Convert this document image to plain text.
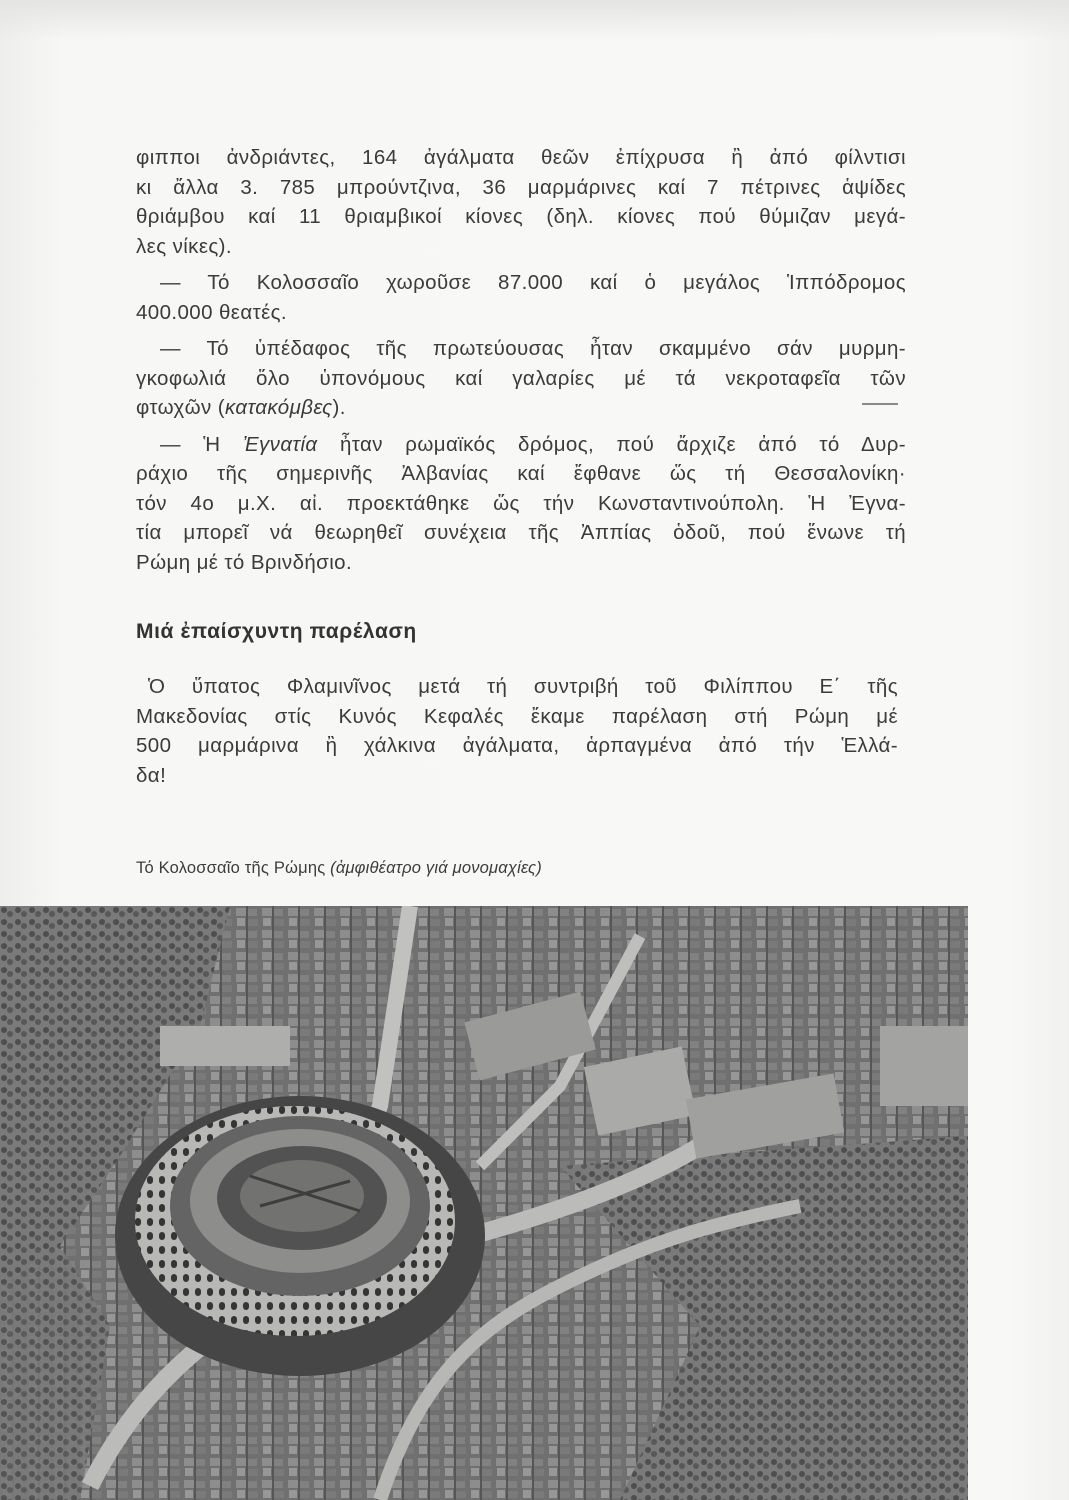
φιπποι ἀνδριάντες, 164 ἀγάλματα θεῶν ἐπίχρυσα ἢ ἀπό φίλντισι
κι ἄλλα 3. 785 μπρούντζινα, 36 μαρμάρινες καί 7 πέτρινες ἁψίδες
θριάμβου καί 11 θριαμβικοί κίονες (δηλ. κίονες πού θύμιζαν μεγά-
λες νίκες).
— Τό Κολοσσαῖο χωροῦσε 87.000 καί ὁ μεγάλος Ἱππόδρομος
400.000 θεατές.
— Τό ὑπέδαφος τῆς πρωτεύουσας ἦταν σκαμμένο σάν μυρμη-
γκοφωλιά ὅλο ὑπονόμους καί γαλαρίες μέ τά νεκροταφεῖα τῶν
φτωχῶν (κατακόμβες).
— Ἡ Ἐγνατία ἦταν ρωμαϊκός δρόμος, πού ἄρχιζε ἀπό τό Δυρ-
ράχιο τῆς σημερινῆς Ἀλβανίας καί ἔφθανε ὥς τή Θεσσαλονίκη·
τόν 4ο μ.Χ. αἰ. προεκτάθηκε ὥς τήν Κωνσταντινούπολη. Ἡ Ἐγνα-
τία μπορεῖ νά θεωρηθεῖ συνέχεια τῆς Ἀππίας ὁδοῦ, πού ἕνωνε τή
Ρώμη μέ τό Βρινδήσιο.
Μιά ἐπαίσχυντη παρέλαση
Ὁ ὕπατος Φλαμινῖνος μετά τή συντριβή τοῦ Φιλίππου Ε΄ τῆς
Μακεδονίας στίς Κυνός Κεφαλές ἔκαμε παρέλαση στή Ρώμη μέ
500 μαρμάρινα ἢ χάλκινα ἀγάλματα, ἁρπαγμένα ἀπό τήν Ἑλλά-
δα!
Τό Κολοσσαῖο τῆς Ρώμης (ἀμφιθέατρο γιά μονομαχίες)
